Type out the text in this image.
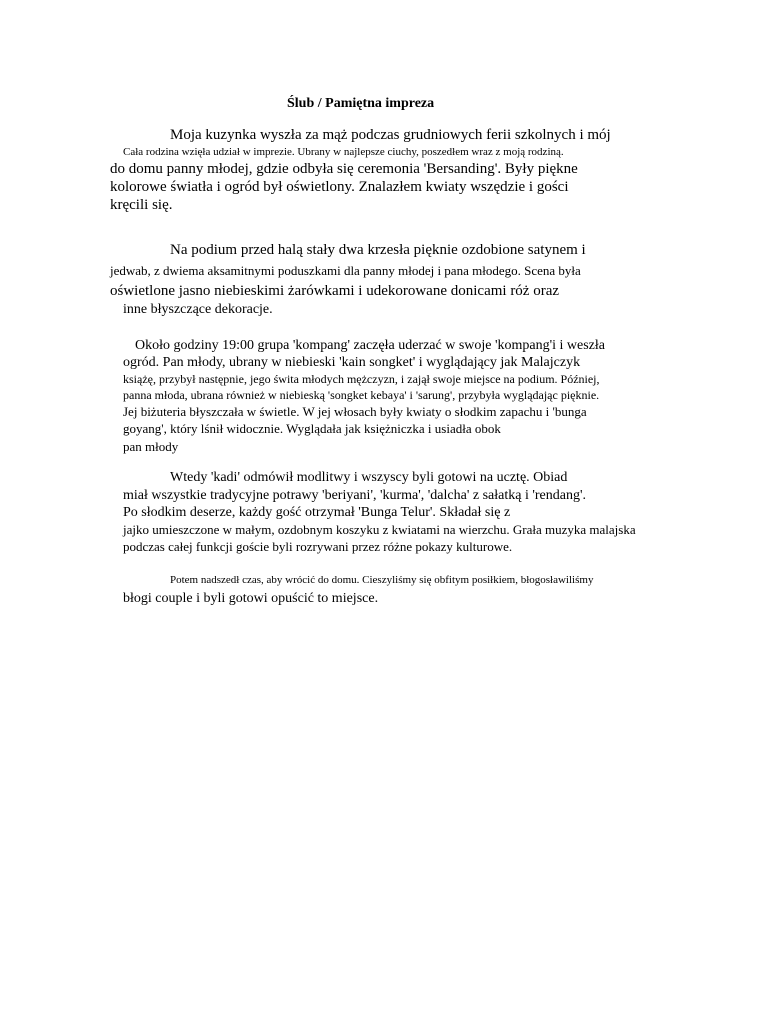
Ślub / Pamiętna impreza
Moja kuzynka wyszła za mąż podczas grudniowych ferii szkolnych i mój
Cała rodzina wzięła udział w imprezie. Ubrany w najlepsze ciuchy, poszedłem wraz z moją rodziną.
do domu panny młodej, gdzie odbyła się ceremonia 'Bersanding'. Były piękne
kolorowe światła i ogród był oświetlony. Znalazłem kwiaty wszędzie i gości
kręcili się.
Na podium przed halą stały dwa krzesła pięknie ozdobione satynem i
jedwab, z dwiema aksamitnymi poduszkami dla panny młodej i pana młodego. Scena była
oświetlone jasno niebieskimi żarówkami i udekorowane donicami róż oraz
inne błyszczące dekoracje.
Około godziny 19:00 grupa 'kompang' zaczęła uderzać w swoje 'kompang'i i weszła
ogród. Pan młody, ubrany w niebieski 'kain songket' i wyglądający jak Malajczyk
książę, przybył następnie, jego świta młodych mężczyzn, i zajął swoje miejsce na podium. Później,
panna młoda, ubrana również w niebieską 'songket kebaya' i 'sarung', przybyła wyglądając pięknie.
Jej biżuteria błyszczała w świetle. W jej włosach były kwiaty o słodkim zapachu i 'bunga
goyang', który lśnił widocznie. Wyglądała jak księżniczka i usiadła obok
pan młody
Wtedy 'kadi' odmówił modlitwy i wszyscy byli gotowi na ucztę. Obiad
miał wszystkie tradycyjne potrawy 'beriyani', 'kurma', 'dalcha' z sałatką i 'rendang'.
Po słodkim deserze, każdy gość otrzymał 'Bunga Telur'. Składał się z
jajko umieszczone w małym, ozdobnym koszyku z kwiatami na wierzchu. Grała muzyka malajska
podczas całej funkcji goście byli rozrywani przez różne pokazy kulturowe.
Potem nadszedł czas, aby wrócić do domu. Cieszyliśmy się obfitym posiłkiem, błogosławiliśmy
błogi couple i byli gotowi opuścić to miejsce.
